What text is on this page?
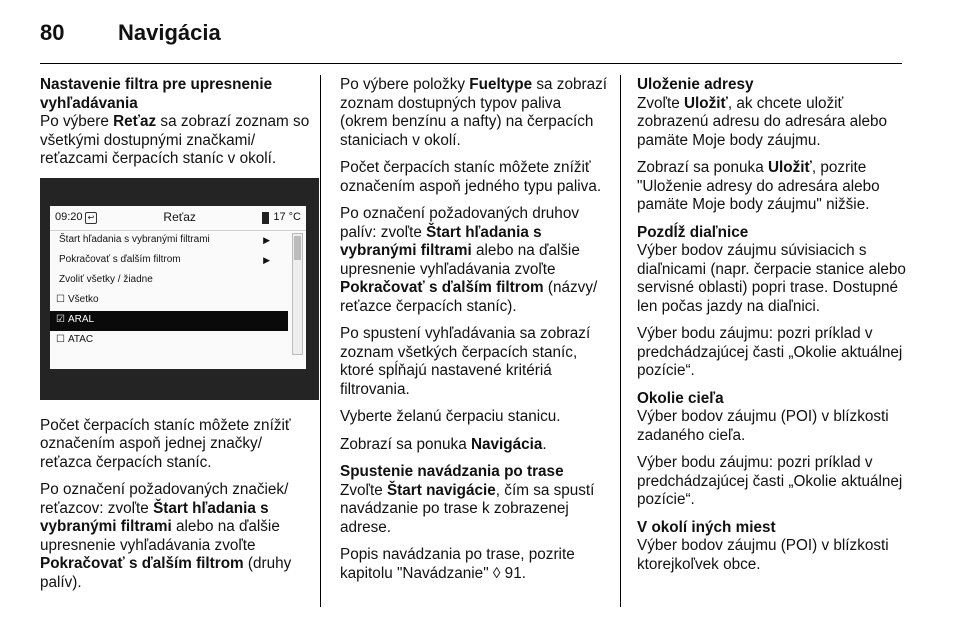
80 Navigácia

Nastavenie filtra pre upresnenie vyhľadávania

Po výbere Reťaz sa zobrazí zoznam so všetkými dostupnými značkami/ reťazcami čerpacích staníc v okolí.

09:20 ↩	Reťaz	17 °C
Štart hľadania s vybranými filtrami	▶
Pokračovať s ďalším filtrom	▶
Zvoliť všetky / žiadne
☐ Všetko
☑ ARAL
☐ ATAC

Počet čerpacích staníc môžete znížiť označením aspoň jednej značky/ reťazca čerpacích staníc.

Po označení požadovaných značiek/ reťazcov: zvoľte Štart hľadania s vybranými filtrami alebo na ďalšie upresnenie vyhľadávania zvoľte Pokračovať s ďalším filtrom (druhy palív).

Po výbere položky Fueltype sa zobrazí zoznam dostupných typov paliva (okrem benzínu a nafty) na čerpacích staniciach v okolí.

Počet čerpacích staníc môžete znížiť označením aspoň jedného typu paliva.

Po označení požadovaných druhov palív: zvoľte Štart hľadania s vybranými filtrami alebo na ďalšie upresnenie vyhľadávania zvoľte Pokračovať s ďalším filtrom (názvy/ reťazce čerpacích staníc).

Po spustení vyhľadávania sa zobrazí zoznam všetkých čerpacích staníc, ktoré spĺňajú nastavené kritériá filtrovania.

Vyberte želanú čerpaciu stanicu.

Zobrazí sa ponuka Navigácia.

Spustenie navádzania po trase

Zvoľte Štart navigácie, čím sa spustí navádzanie po trase k zobrazenej adrese.

Popis navádzania po trase, pozrite kapitolu "Navádzanie" ◊ 91.

Uloženie adresy

Zvoľte Uložiť, ak chcete uložiť zobrazenú adresu do adresára alebo pamäte Moje body záujmu.

Zobrazí sa ponuka Uložiť, pozrite "Uloženie adresy do adresára alebo pamäte Moje body záujmu" nižšie.

Pozdĺž diaľnice

Výber bodov záujmu súvisiacich s diaľnicami (napr. čerpacie stanice alebo servisné oblasti) popri trase. Dostupné len počas jazdy na diaľnici.

Výber bodu záujmu: pozri príklad v predchádzajúcej časti „Okolie aktuálnej pozície“.

Okolie cieľa

Výber bodov záujmu (POI) v blízkosti zadaného cieľa.

Výber bodu záujmu: pozri príklad v predchádzajúcej časti „Okolie aktuálnej pozície“.

V okolí iných miest

Výber bodov záujmu (POI) v blízkosti ktorejkoľvek obce.
